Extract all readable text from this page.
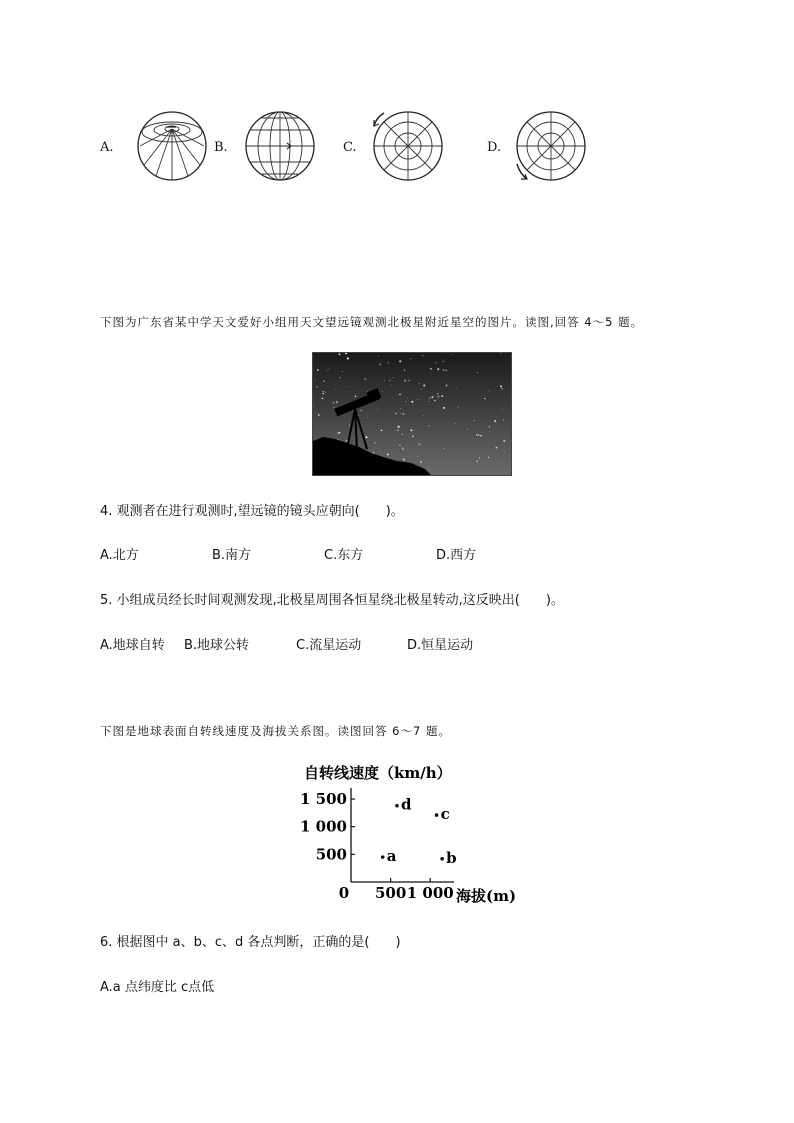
A.	B.	C.	D.
下图为广东省某中学天文爱好小组用天文望远镜观测北极星附近星空的图片。读图,回答 4～5 题。
4. 观测者在进行观测时,望远镜的镜头应朝向(　　)。
A.北方	B.南方	C.东方	D.西方
5. 小组成员经长时间观测发现,北极星周围各恒星绕北极星转动,这反映出(　　)。
A.地球自转 B.地球公转	C.流星运动	D.恒星运动
下图是地球表面自转线速度及海拔关系图。读图回答 6～7 题。
自转线速度（km/h）
0	海拔(m)
500
1 000
1 500
500 1 000
a	b
c
d
6. 根据图中 a、b、c、d 各点判断，正确的是(　　)
A.a 点纬度比 c点低
